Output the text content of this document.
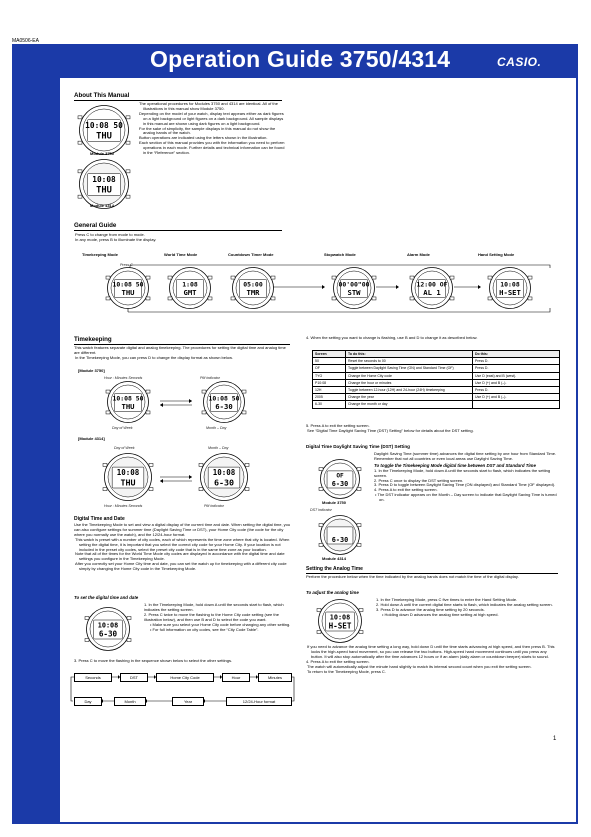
MA0506-EA
Operation Guide 3750/4314	CASIO.
About This Manual
10:08 50
THU
Module 3750
10:08
THU
Module 4314

The operational procedures for Modules 3750 and 4314 are identical. All of the illustrations in this manual show Module 3750.

Depending on the model of your watch, display text appears either as dark figures on a light background or light figures on a dark background. All sample displays in this manual are shown using dark figures on a light background.

For the sake of simplicity, the sample displays in this manual do not show the analog hands of the watch.

Button operations are indicated using the letters shown in the illustration.

Each section of this manual provides you with the information you need to perform operations in each mode. Further details and technical information can be found in the “Reference” section.

General Guide

Press C to change from mode to mode.

In any mode, press B to illuminate the display.

Timekeeping Mode	World Time Mode	Countdown Timer Mode	Stopwatch Mode	Alarm Mode	Hand Setting Mode
Press C
10:08 50
THU
1:08
GMT
05:00
TMR
00'00"00
STW
12:00 OF
AL 1
10:08
H-SET
Timekeeping

This watch features separate digital and analog timekeeping. The procedures for setting the digital time and analog time are different.

In the Timekeeping Mode, you can press D to change the display format as shown below.

[Module 3750]
Hour : Minutes Seconds	PM indicator
10:08 50
THU
10:08 50
6-30
Day of Week	Month – Day
[Module 4314]
Day of Week	Month – Day
10:08
THU
10:08
6-30
Hour : Minutes Seconds	PM indicator
Digital Time and Date

Use the Timekeeping Mode to set and view a digital display of the current time and date. When setting the digital time, you can also configure settings for summer time (Daylight Saving Time or DST), your Home City code (the code for the city where you normally use the watch), and the 12/24-hour format.

This watch is preset with a number of city codes, each of which represents the time zone where that city is located. When setting the digital time, it is important that you select the correct city code for your Home City. If your location is not included in the preset city codes, select the preset city code that is in the same time zone as your location.

Note that all of the times for the World Time Mode city codes are displayed in accordance with the digital time and date settings you configure in the Timekeeping Mode.

After you correctly set your Home City time and date, you can set the watch up for timekeeping with a different city code simply by changing the Home City code in the Timekeeping Mode.

To set the digital time and date
10:08
6-30

1. In the Timekeeping Mode, hold down A until the seconds start to flash, which indicates the setting screen.

2. Press C twice to move the flashing to the Home City code setting (see the illustration below), and then use B and D to select the code you want.

• Make sure you select your Home City code before changing any other setting.

• For full information on city codes, see the “City Code Table”.

3. Press C to move the flashing in the sequence shown below to select the other settings.
Seconds	DST	Home City Code	Hour	Minutes
Day	Month	Year	12/24-Hour format
4. When the setting you want to change is flashing, use B and D to change it as described below.
Screen	To do this:	Do this:
50	Reset the seconds to 00	Press D.
OF	Toggle between Daylight Saving Time (ON) and Standard Time (OF)	Press D.
TYO	Change the Home City code	Use D (east) and B (west).
P10:08	Change the hour or minutes	Use D (+) and B (–).
12H	Toggle between 12-hour (12H) and 24-hour (24H) timekeeping	Press D.
2005	Change the year	Use D (+) and B (–).
6-30	Change the month or day	

5. Press A to exit the setting screen.

See “Digital Time Daylight Saving Time (DST) Setting” below for details about the DST setting.

Digital Time Daylight Saving Time (DST) Setting
OF
6-30
Module 3750
DST indicator
6-30
Module 4314

Daylight Saving Time (summer time) advances the digital time setting by one hour from Standard Time. Remember that not all countries or even local areas use Daylight Saving Time.

To toggle the Timekeeping Mode digital time between DST and Standard Time

1. In the Timekeeping Mode, hold down A until the seconds start to flash, which indicates the setting screen.

2. Press C once to display the DST setting screen.

3. Press D to toggle between Daylight Saving Time (ON displayed) and Standard Time (OF displayed).

4. Press A to exit the setting screen.

• The DST indicator appears on the Month – Day screen to indicate that Daylight Saving Time is turned on.

Setting the Analog Time
Perform the procedure below when the time indicated by the analog hands does not match the time of the digital display.
To adjust the analog time
10:08
H-SET

1. In the Timekeeping Mode, press C five times to enter the Hand Setting Mode.

2. Hold down A until the current digital time starts to flash, which indicates the analog setting screen.

3. Press D to advance the analog time setting by 20 seconds.

• Holding down D advances the analog time setting at high speed.

If you need to advance the analog time setting a long way, hold down D until the time starts advancing at high speed, and then press B. This locks the high-speed hand movement, so you can release the two buttons. High-speed hand movement continues until you press any button. It will also stop automatically after the time advances 12 hours or if an alarm (daily alarm or countdown beeper) starts to sound.

4. Press A to exit the setting screen.

The watch will automatically adjust the minute hand slightly to match its internal second count when you exit the setting screen.

To return to the Timekeeping Mode, press C.

1
